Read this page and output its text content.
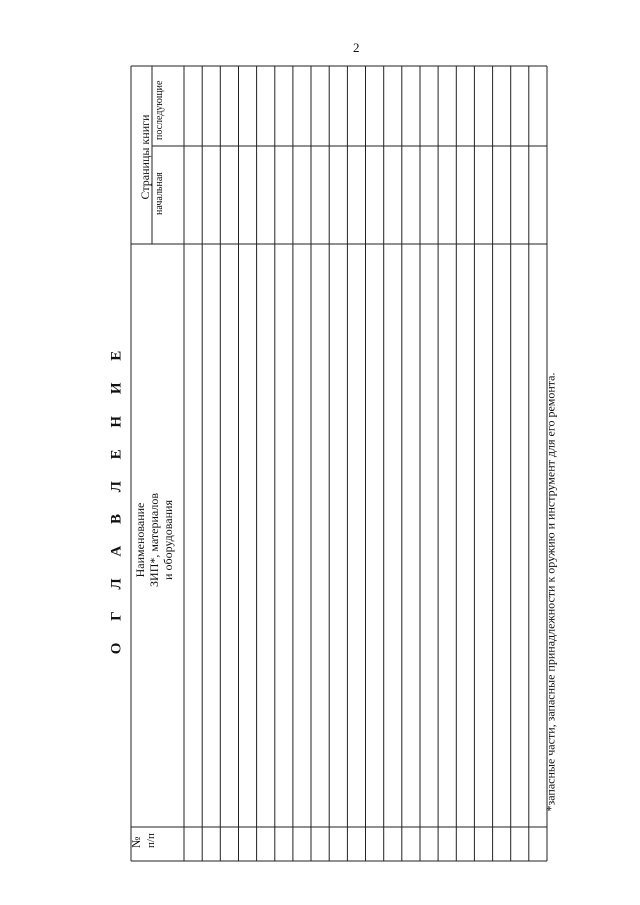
2
О Г Л А В Л Е Н И Е
№ п/п
Наименование ЗИП*, материалов и оборудования
Страницы книги начальная
последующие
*запасные части, запасные принадлежности к оружию и инструмент для его ремонта.
